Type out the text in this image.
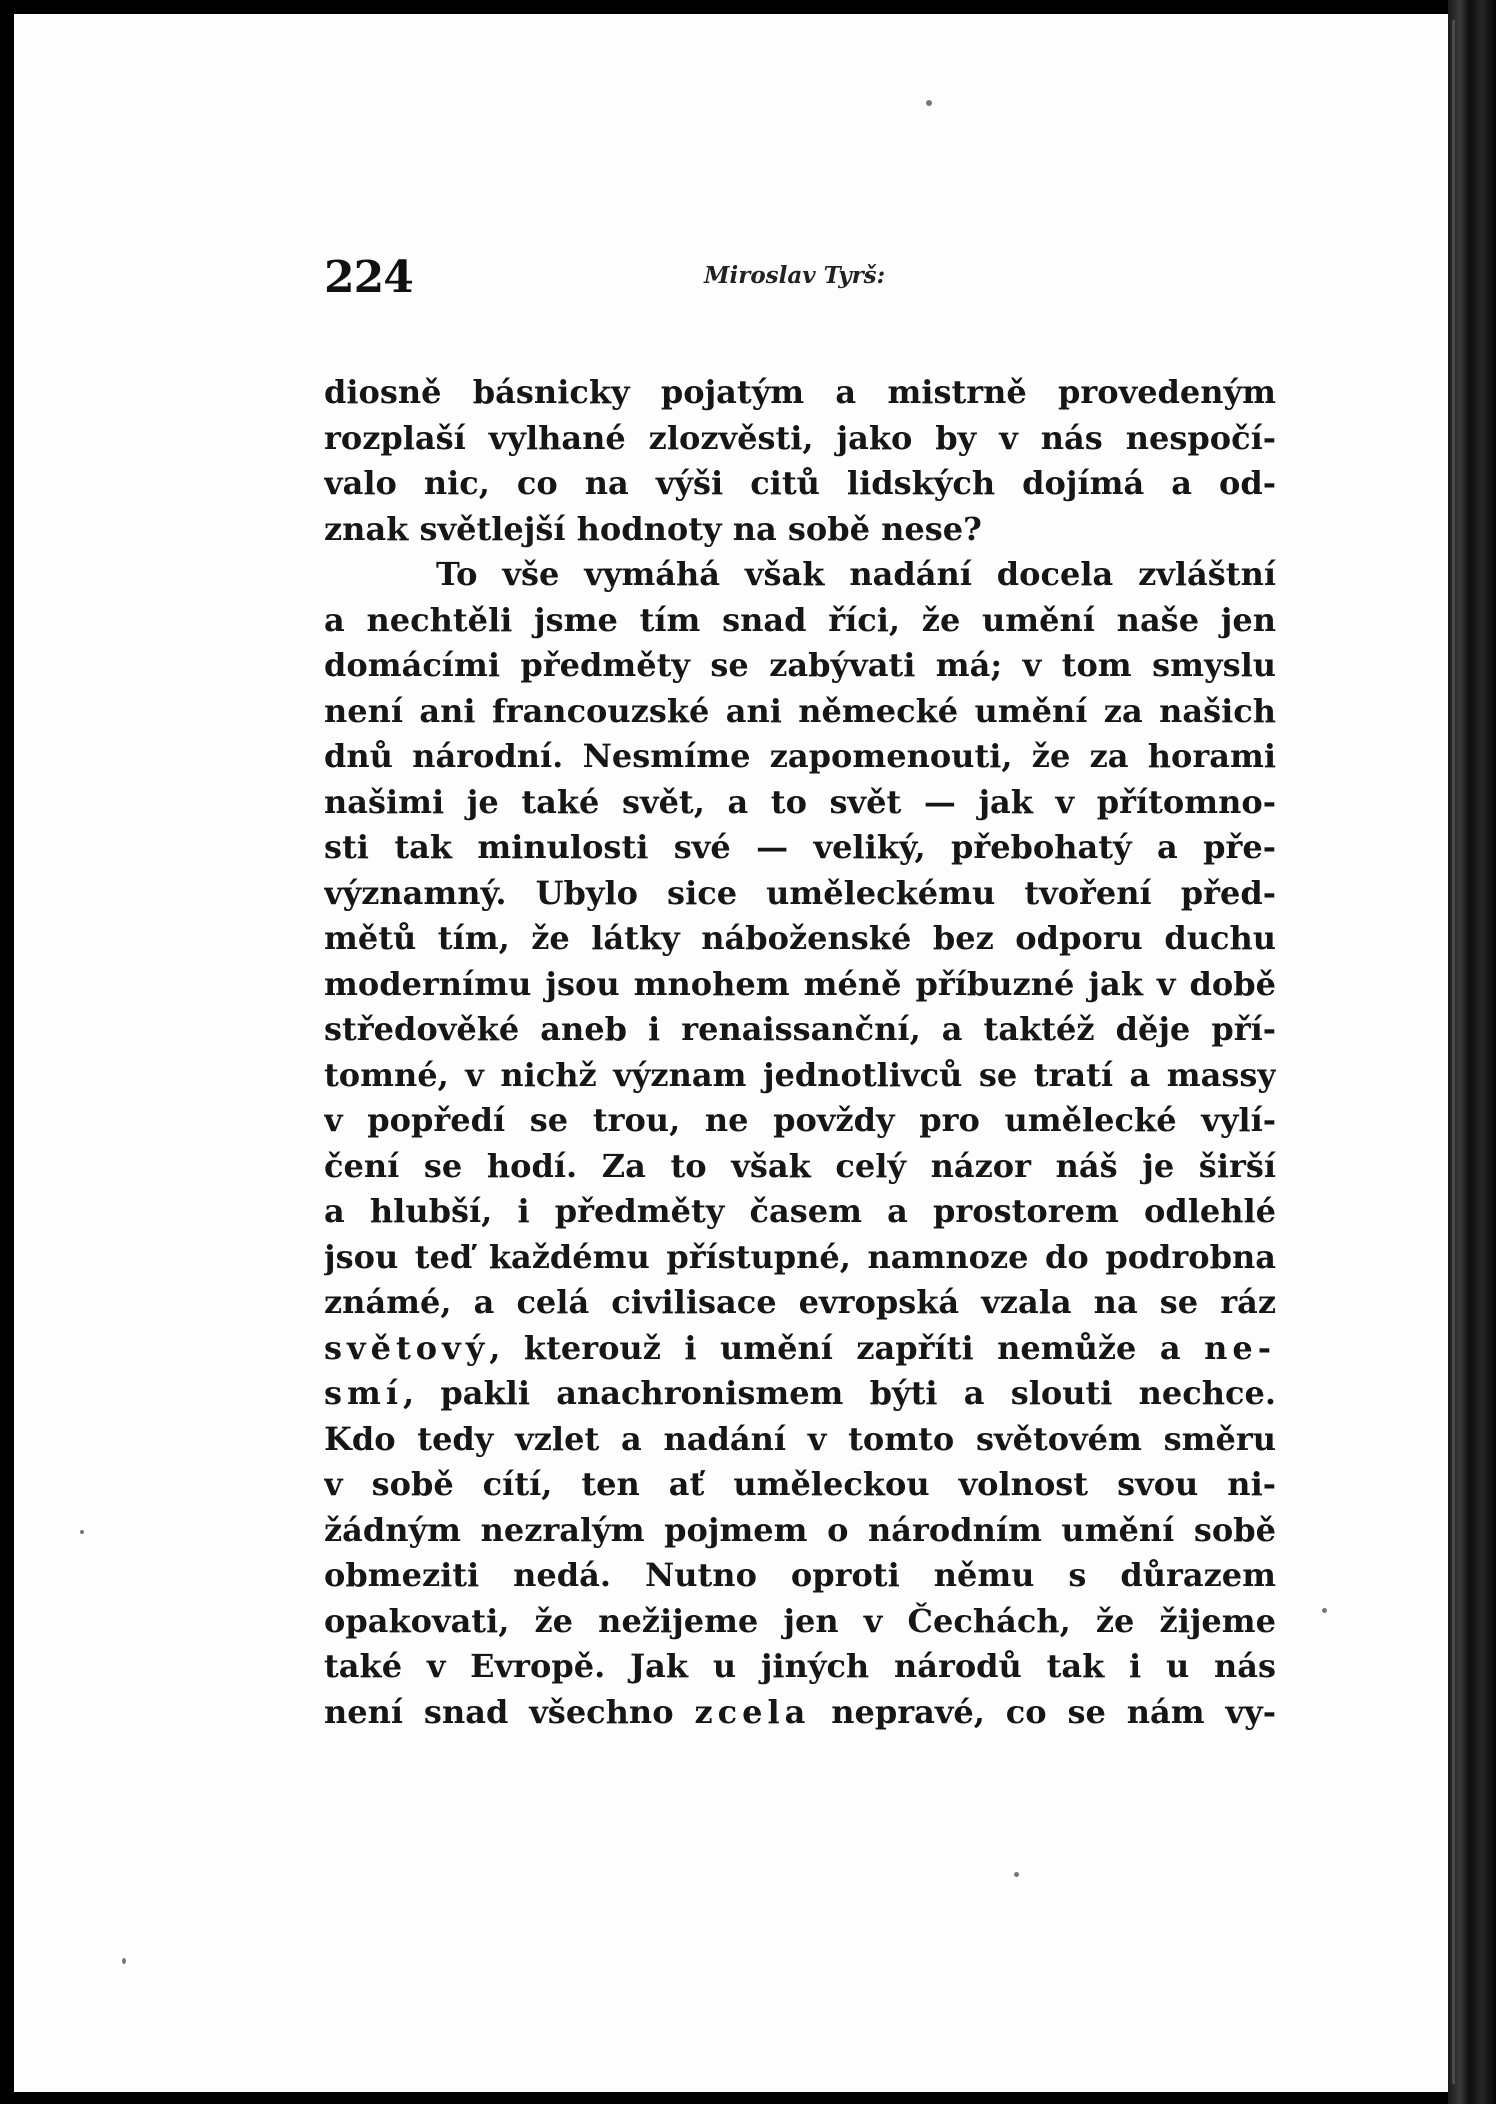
224	Miroslav Tyrš:
diosně básnicky pojatým a mistrně provedeným
rozplaší vylhané zlozvěsti, jako by v nás nespočí-
valo nic, co na výši citů lidských dojímá a od-
znak světlejší hodnoty na sobě nese?
To vše vymáhá však nadání docela zvláštní
a nechtěli jsme tím snad říci, že umění naše jen
domácími předměty se zabývati má; v tom smyslu
není ani francouzské ani německé umění za našich
dnů národní. Nesmíme zapomenouti, že za horami
našimi je také svět, a to svět — jak v přítomno-
sti tak minulosti své — veliký, přebohatý a pře-
významný. Ubylo sice uměleckému tvoření před-
mětů tím, že látky náboženské bez odporu duchu
modernímu jsou mnohem méně příbuzné jak v době
středověké aneb i renaissanční, a taktéž děje pří-
tomné, v nichž význam jednotlivců se tratí a massy
v popředí se trou, ne povždy pro umělecké vylí-
čení se hodí. Za to však celý názor náš je širší
a hlubší, i předměty časem a prostorem odlehlé
jsou teď každému přístupné, namnoze do podrobna
známé, a celá civilisace evropská vzala na se ráz
světový, kterouž i umění zapříti nemůže a ne-
smí, pakli anachronismem býti a slouti nechce.
Kdo tedy vzlet a nadání v tomto světovém směru
v sobě cítí, ten ať uměleckou volnost svou ni-
žádným nezralým pojmem o národním umění sobě
obmeziti nedá. Nutno oproti němu s důrazem
opakovati, že nežijeme jen v Čechách, že žijeme
také v Evropě. Jak u jiných národů tak i u nás
není snad všechno zcela nepravé, co se nám vy-
